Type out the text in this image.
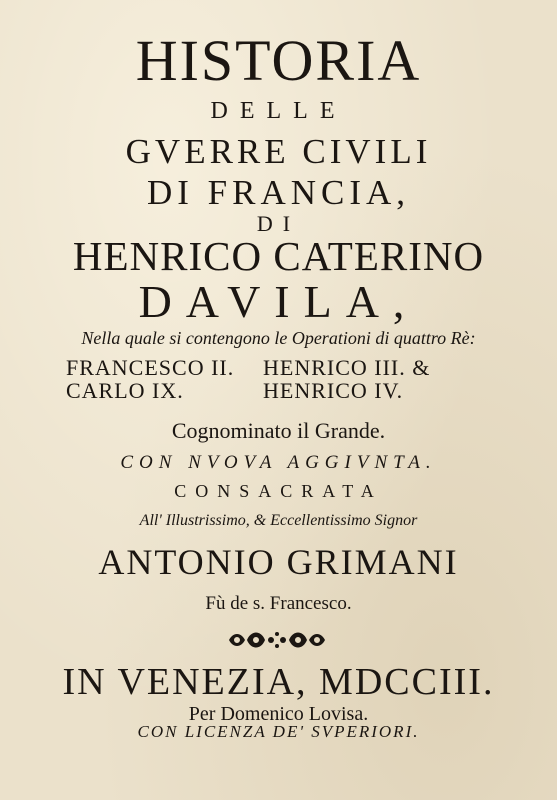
HISTORIA
DELLE
GVERRE CIVILI
DI FRANCIA,
DI
HENRICO CATERINO
DAVILA,
Nella quale si contengono le Operationi di quattro Rè:
FRANCESCO II.
CARLO IX.
HENRICO III. &
HENRICO IV.
Cognominato il Grande.
CON NVOVA AGGIVNTA.
CONSACRATA
All' Illustrissimo, & Eccellentissimo Signor
ANTONIO GRIMANI
Fù de s. Francesco.
IN VENEZIA, MDCCIII.
Per Domenico Lovisa.
CON LICENZA DE' SVPERIORI.
